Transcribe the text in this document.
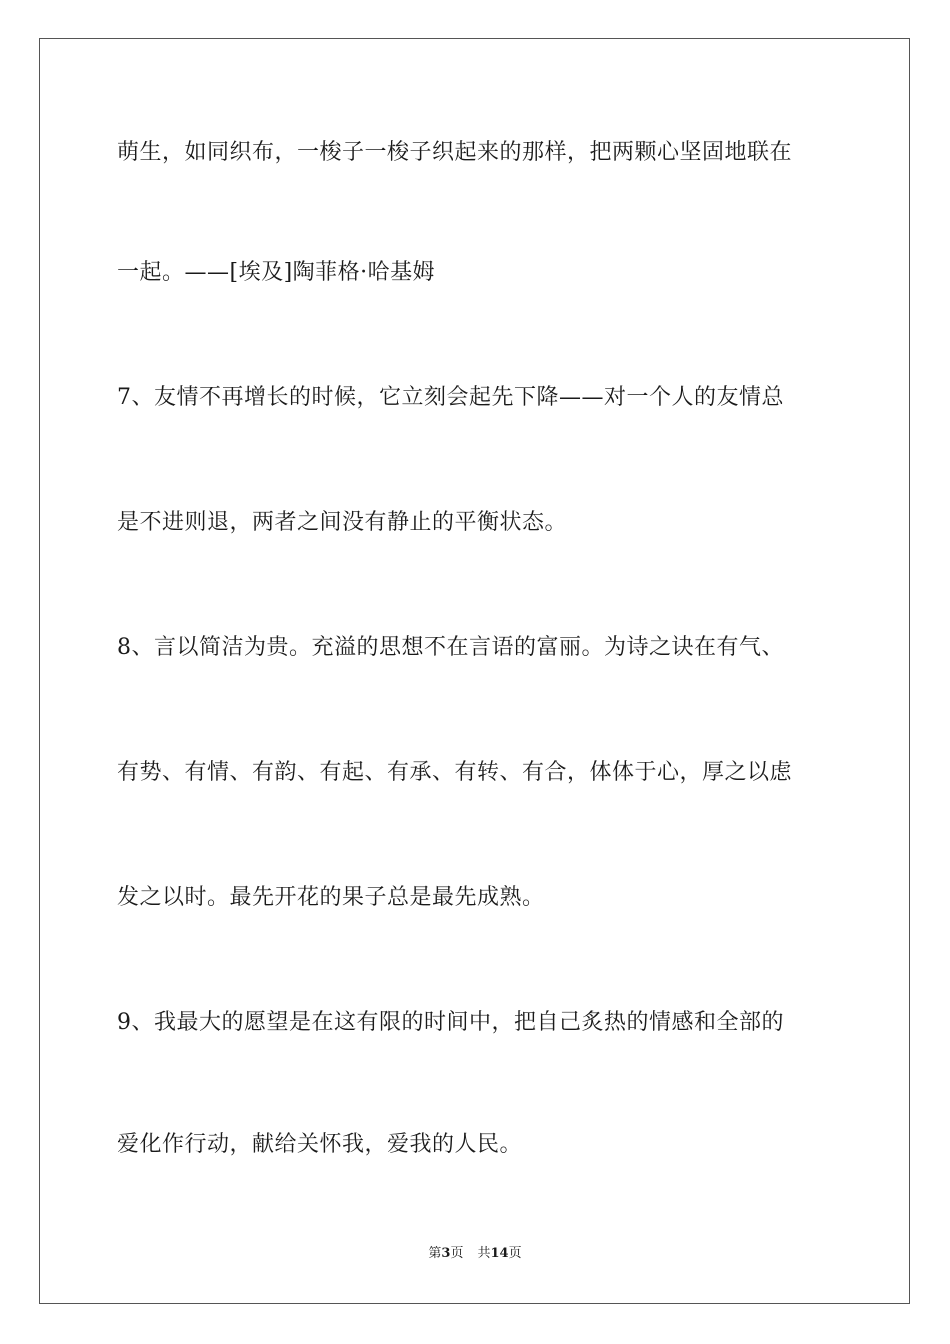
萌生，如同织布，一梭子一梭子织起来的那样，把两颗心坚固地联在
一起。——[埃及]陶菲格·哈基姆
7、友情不再增长的时候，它立刻会起先下降——对一个人的友情总
是不进则退，两者之间没有静止的平衡状态。
8、言以简洁为贵。充溢的思想不在言语的富丽。为诗之诀在有气、
有势、有情、有韵、有起、有承、有转、有合，体体于心，厚之以虑
发之以时。最先开花的果子总是最先成熟。
9、我最大的愿望是在这有限的时间中，把自己炙热的情感和全部的
爱化作行动，献给关怀我，爱我的人民。
第3页 共14页
